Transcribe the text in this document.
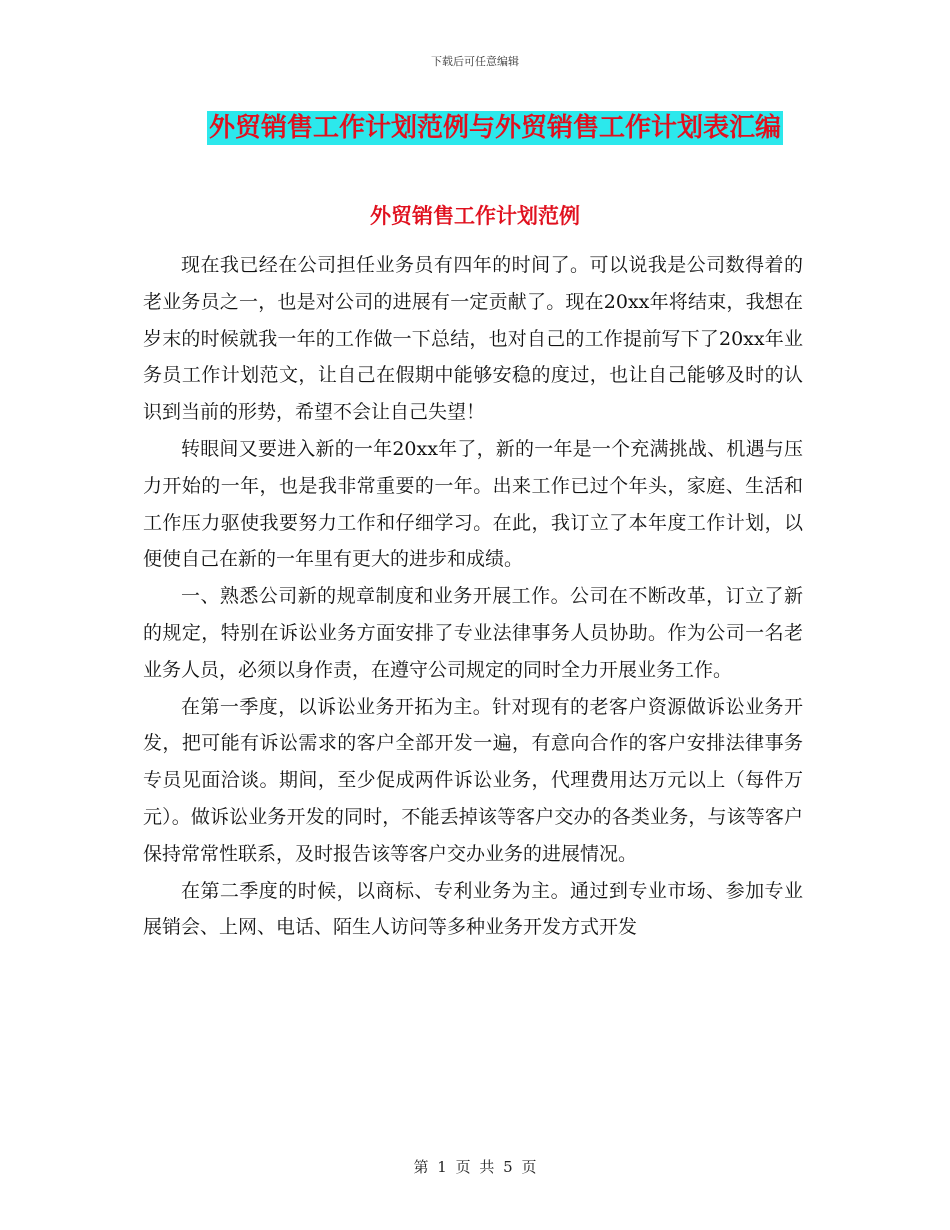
下载后可任意编辑
外贸销售工作计划范例与外贸销售工作计划表汇编
外贸销售工作计划范例

现在我已经在公司担任业务员有四年的时间了。可以说我是公司数得着的老业务员之一，也是对公司的进展有一定贡献了。现在20xx年将结束，我想在岁末的时候就我一年的工作做一下总结，也对自己的工作提前写下了20xx年业务员工作计划范文，让自己在假期中能够安稳的度过，也让自己能够及时的认识到当前的形势，希望不会让自己失望！

转眼间又要进入新的一年20xx年了，新的一年是一个充满挑战、机遇与压力开始的一年，也是我非常重要的一年。出来工作已过个年头，家庭、生活和工作压力驱使我要努力工作和仔细学习。在此，我订立了本年度工作计划，以便使自己在新的一年里有更大的进步和成绩。

一、熟悉公司新的规章制度和业务开展工作。公司在不断改革，订立了新的规定，特别在诉讼业务方面安排了专业法律事务人员协助。作为公司一名老业务人员，必须以身作责，在遵守公司规定的同时全力开展业务工作。

在第一季度，以诉讼业务开拓为主。针对现有的老客户资源做诉讼业务开发，把可能有诉讼需求的客户全部开发一遍，有意向合作的客户安排法律事务专员见面洽谈。期间，至少促成两件诉讼业务，代理费用达万元以上（每件万元）。做诉讼业务开发的同时，不能丢掉该等客户交办的各类业务，与该等客户保持常常性联系，及时报告该等客户交办业务的进展情况。

在第二季度的时候，以商标、专利业务为主。通过到专业市场、参加专业展销会、上网、电话、陌生人访问等多种业务开发方式开发

第 1 页 共 5 页
